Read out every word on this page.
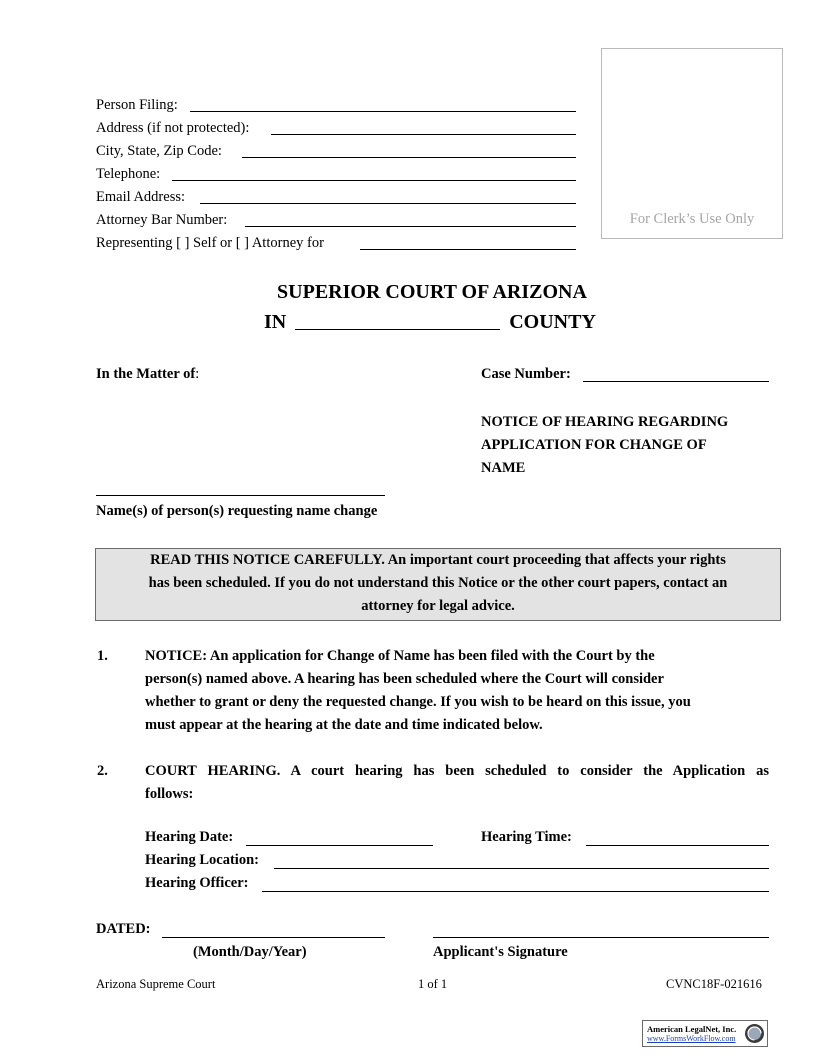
Person Filing:
Address (if not protected):
City, State, Zip Code:
Telephone:
Email Address:
Attorney Bar Number:
Representing [ ] Self or [ ] Attorney for
For Clerk’s Use Only
SUPERIOR COURT OF ARIZONA
IN	COUNTY
In the Matter of:	Case Number:
NOTICE OF HEARING REGARDING
APPLICATION FOR CHANGE OF
NAME
Name(s) of person(s) requesting name change
READ THIS NOTICE CAREFULLY. An important court proceeding that affects your rights
has been scheduled. If you do not understand this Notice or the other court papers, contact an
attorney for legal advice.
1.	NOTICE: An application for Change of Name has been filed with the Court by the
person(s) named above. A hearing has been scheduled where the Court will consider
whether to grant or deny the requested change. If you wish to be heard on this issue, you
must appear at the hearing at the date and time indicated below.
2.	COURT HEARING. A court hearing has been scheduled to consider the Application as
follows:
Hearing Date:	Hearing Time:
Hearing Location:
Hearing Officer:
DATED:
(Month/Day/Year)	Applicant's Signature
Arizona Supreme Court	1 of 1	CVNC18F-021616
American LegalNet, Inc.
www.FormsWorkFlow.com
